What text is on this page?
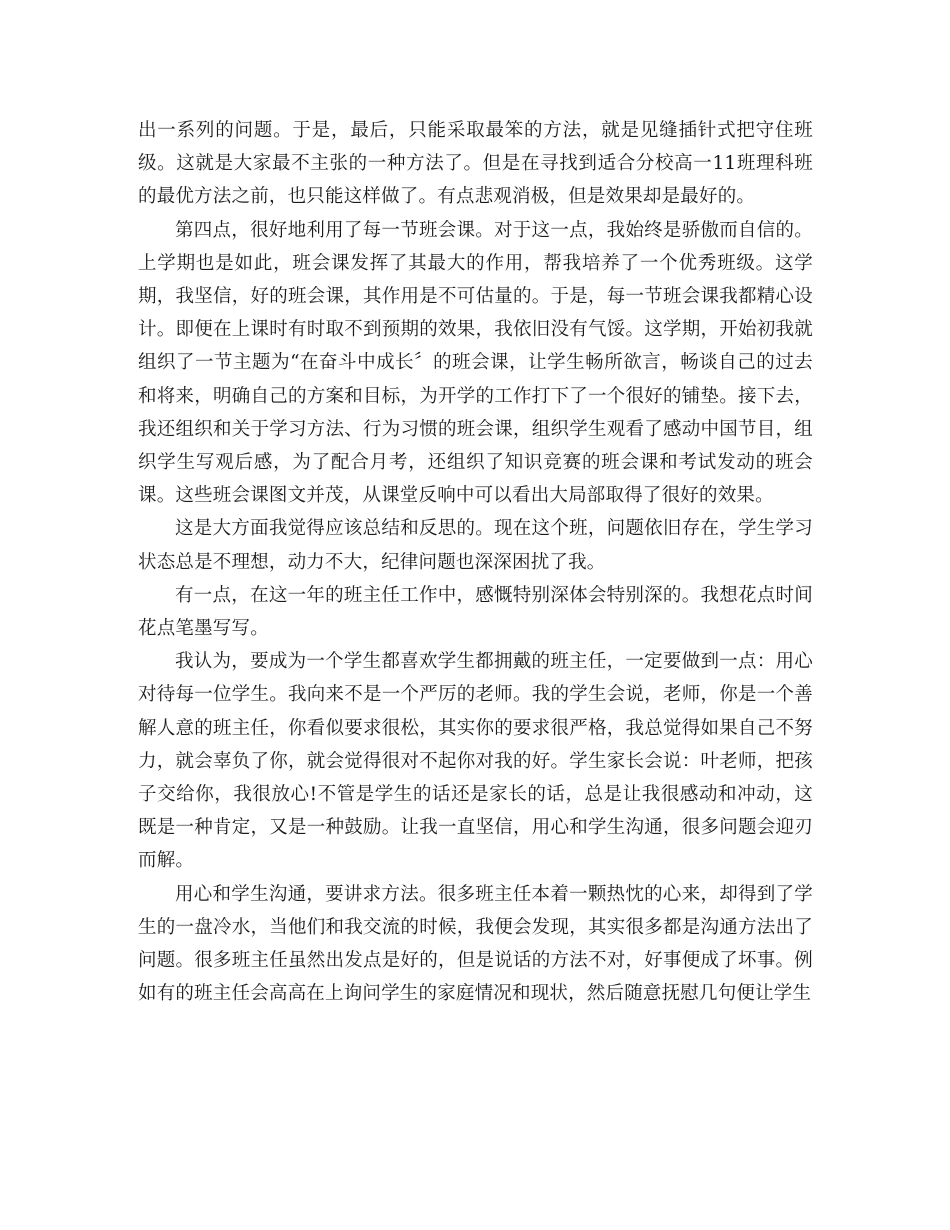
出一系列的问题。于是，最后，只能采取最笨的方法，就是见缝插针式把守住班级。这就是大家最不主张的一种方法了。但是在寻找到适合分校高一11班理科班的最优方法之前，也只能这样做了。有点悲观消极，但是效果却是最好的。

第四点，很好地利用了每一节班会课。对于这一点，我始终是骄傲而自信的。上学期也是如此，班会课发挥了其最大的作用，帮我培养了一个优秀班级。这学期，我坚信，好的班会课，其作用是不可估量的。于是，每一节班会课我都精心设计。即便在上课时有时取不到预期的效果，我依旧没有气馁。这学期，开始初我就组织了一节主题为“在奋斗中成长〞的班会课，让学生畅所欲言，畅谈自己的过去和将来，明确自己的方案和目标，为开学的工作打下了一个很好的铺垫。接下去，我还组织和关于学习方法、行为习惯的班会课，组织学生观看了感动中国节目，组织学生写观后感，为了配合月考，还组织了知识竞赛的班会课和考试发动的班会课。这些班会课图文并茂，从课堂反响中可以看出大局部取得了很好的效果。

这是大方面我觉得应该总结和反思的。现在这个班，问题依旧存在，学生学习状态总是不理想，动力不大，纪律问题也深深困扰了我。

有一点，在这一年的班主任工作中，感慨特别深体会特别深的。我想花点时间花点笔墨写写。

我认为，要成为一个学生都喜欢学生都拥戴的班主任，一定要做到一点：用心对待每一位学生。我向来不是一个严厉的老师。我的学生会说，老师，你是一个善解人意的班主任，你看似要求很松，其实你的要求很严格，我总觉得如果自己不努力，就会辜负了你，就会觉得很对不起你对我的好。学生家长会说：叶老师，把孩子交给你，我很放心!不管是学生的话还是家长的话，总是让我很感动和冲动，这既是一种肯定，又是一种鼓励。让我一直坚信，用心和学生沟通，很多问题会迎刃而解。

用心和学生沟通，要讲求方法。很多班主任本着一颗热忱的心来，却得到了学生的一盘冷水，当他们和我交流的时候，我便会发现，其实很多都是沟通方法出了问题。很多班主任虽然出发点是好的，但是说话的方法不对，好事便成了坏事。例如有的班主任会高高在上询问学生的家庭情况和现状，然后随意抚慰几句便让学生
